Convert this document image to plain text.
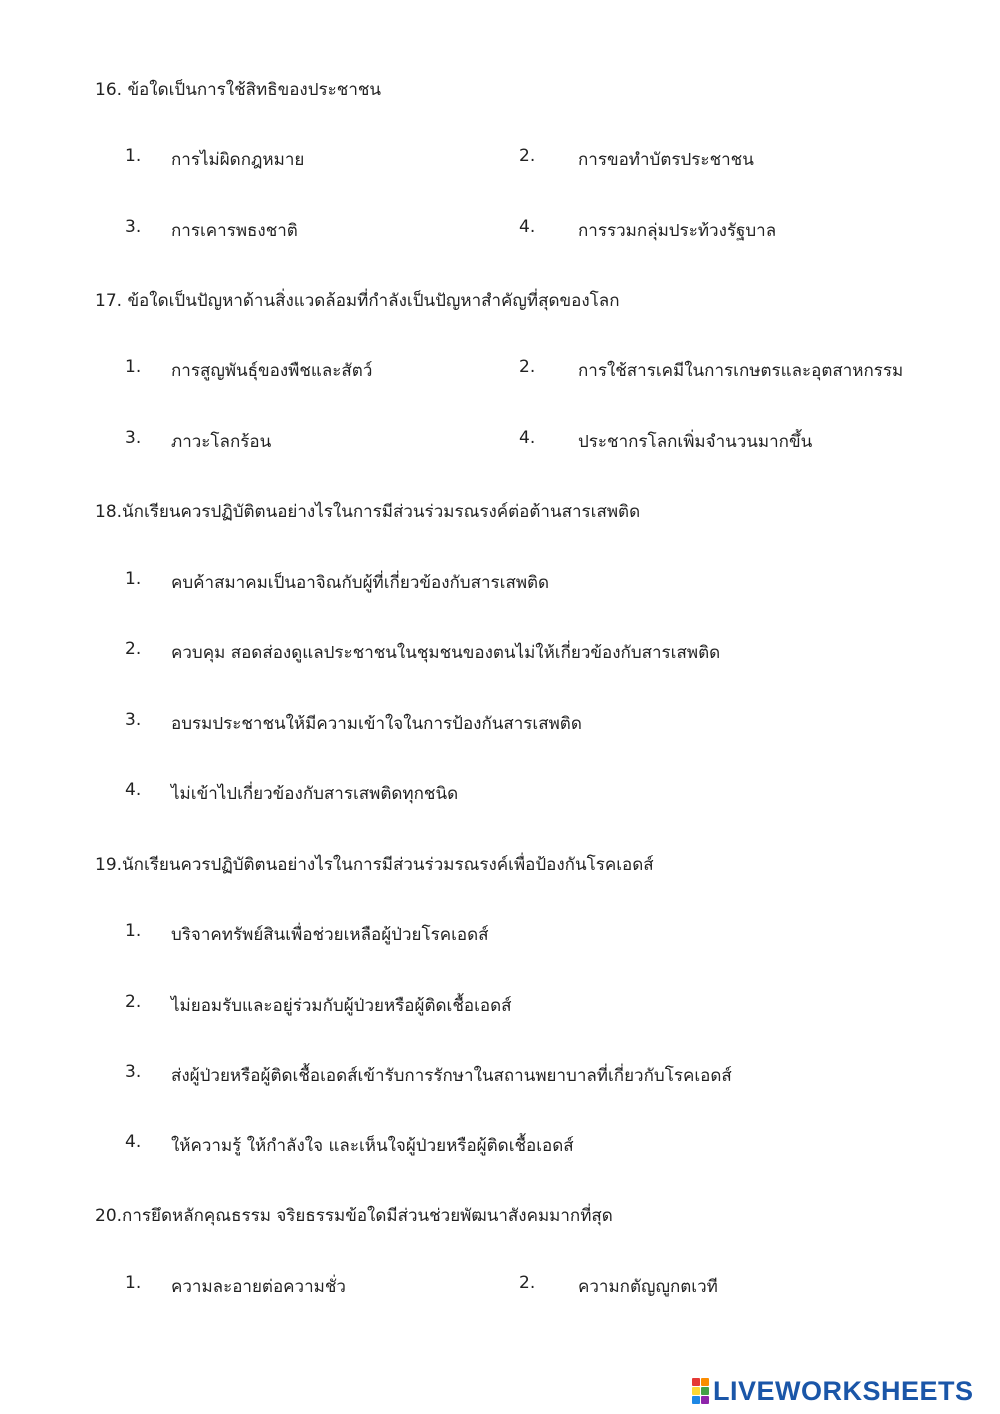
16. ข้อใดเป็นการใช้สิทธิของประชาชน
1. การไม่ผิดกฎหมาย	2.	การขอทำบัตรประชาชน
3. การเคารพธงชาติ	4.	การรวมกลุ่มประท้วงรัฐบาล
17. ข้อใดเป็นปัญหาด้านสิ่งแวดล้อมที่กำลังเป็นปัญหาสำคัญที่สุดของโลก
1. การสูญพันธุ์ของพืชและสัตว์	2.	การใช้สารเคมีในการเกษตรและอุตสาหกรรม
3. ภาวะโลกร้อน	4.	ประชากรโลกเพิ่มจำนวนมากขึ้น
18.นักเรียนควรปฏิบัติตนอย่างไรในการมีส่วนร่วมรณรงค์ต่อต้านสารเสพติด
1. คบค้าสมาคมเป็นอาจิณกับผู้ที่เกี่ยวข้องกับสารเสพติด
2. ควบคุม สอดส่องดูแลประชาชนในชุมชนของตนไม่ให้เกี่ยวข้องกับสารเสพติด
3. อบรมประชาชนให้มีความเข้าใจในการป้องกันสารเสพติด
4. ไม่เข้าไปเกี่ยวข้องกับสารเสพติดทุกชนิด
19.นักเรียนควรปฏิบัติตนอย่างไรในการมีส่วนร่วมรณรงค์เพื่อป้องกันโรคเอดส์
1. บริจาคทรัพย์สินเพื่อช่วยเหลือผู้ป่วยโรคเอดส์
2. ไม่ยอมรับและอยู่ร่วมกับผู้ป่วยหรือผู้ติดเชื้อเอดส์
3. ส่งผู้ป่วยหรือผู้ติดเชื้อเอดส์เข้ารับการรักษาในสถานพยาบาลที่เกี่ยวกับโรคเอดส์
4. ให้ความรู้ ให้กำลังใจ และเห็นใจผู้ป่วยหรือผู้ติดเชื้อเอดส์
20.การยึดหลักคุณธรรม จริยธรรมข้อใดมีส่วนช่วยพัฒนาสังคมมากที่สุด
1. ความละอายต่อความชั่ว	2.	ความกตัญญูกตเวที
LIVEWORKSHEETS
